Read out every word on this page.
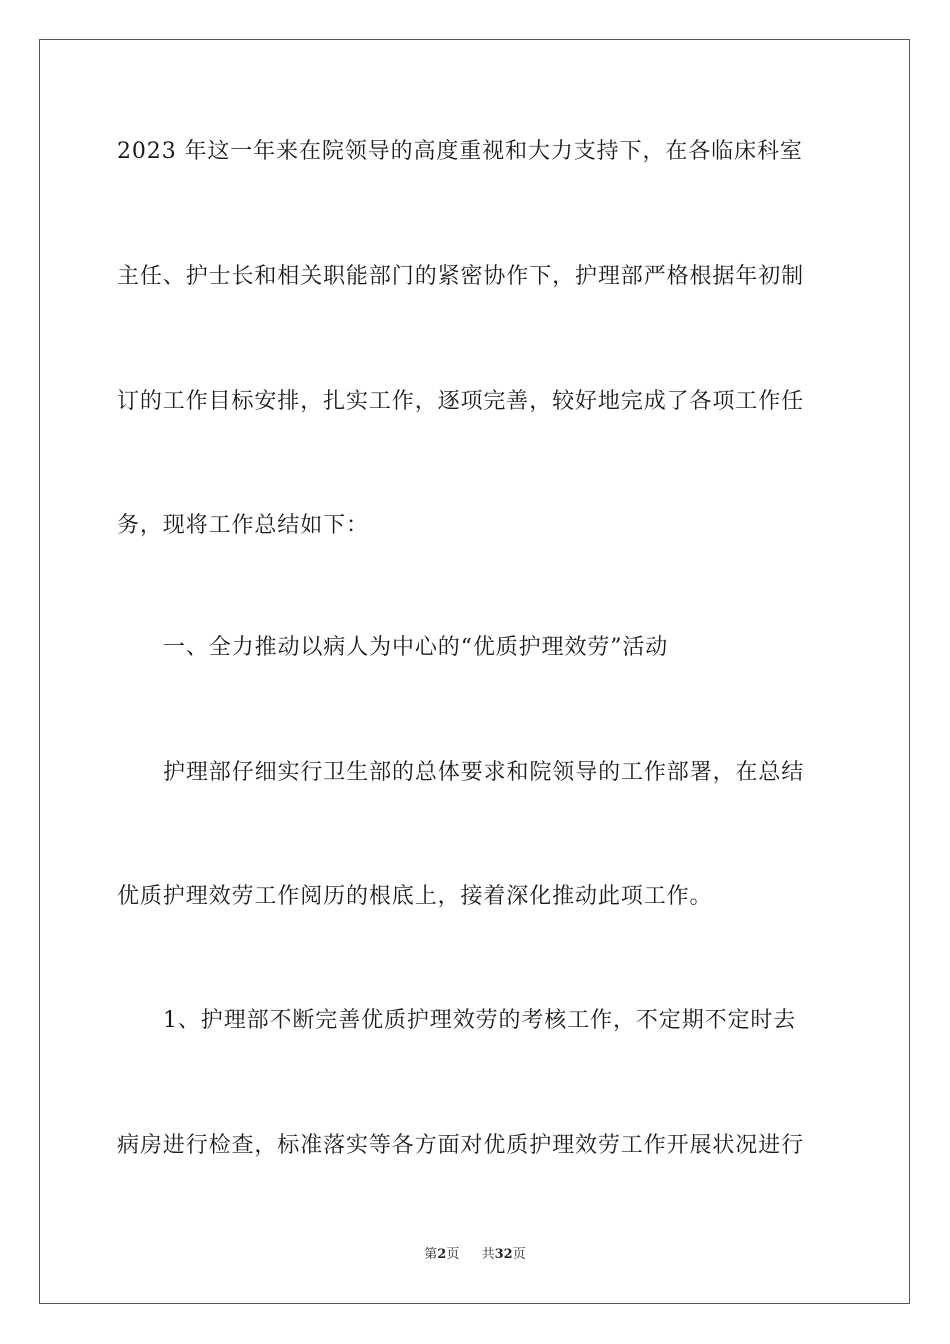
2023 年这一年来在院领导的高度重视和大力支持下，在各临床科室
主任、护士长和相关职能部门的紧密协作下，护理部严格根据年初制
订的工作目标安排，扎实工作，逐项完善，较好地完成了各项工作任
务，现将工作总结如下：
一、全力推动以病人为中心的“优质护理效劳”活动
护理部仔细实行卫生部的总体要求和院领导的工作部署，在总结
优质护理效劳工作阅历的根底上，接着深化推动此项工作。
1、护理部不断完善优质护理效劳的考核工作，不定期不定时去
病房进行检查，标准落实等各方面对优质护理效劳工作开展状况进行
第2页 共32页
